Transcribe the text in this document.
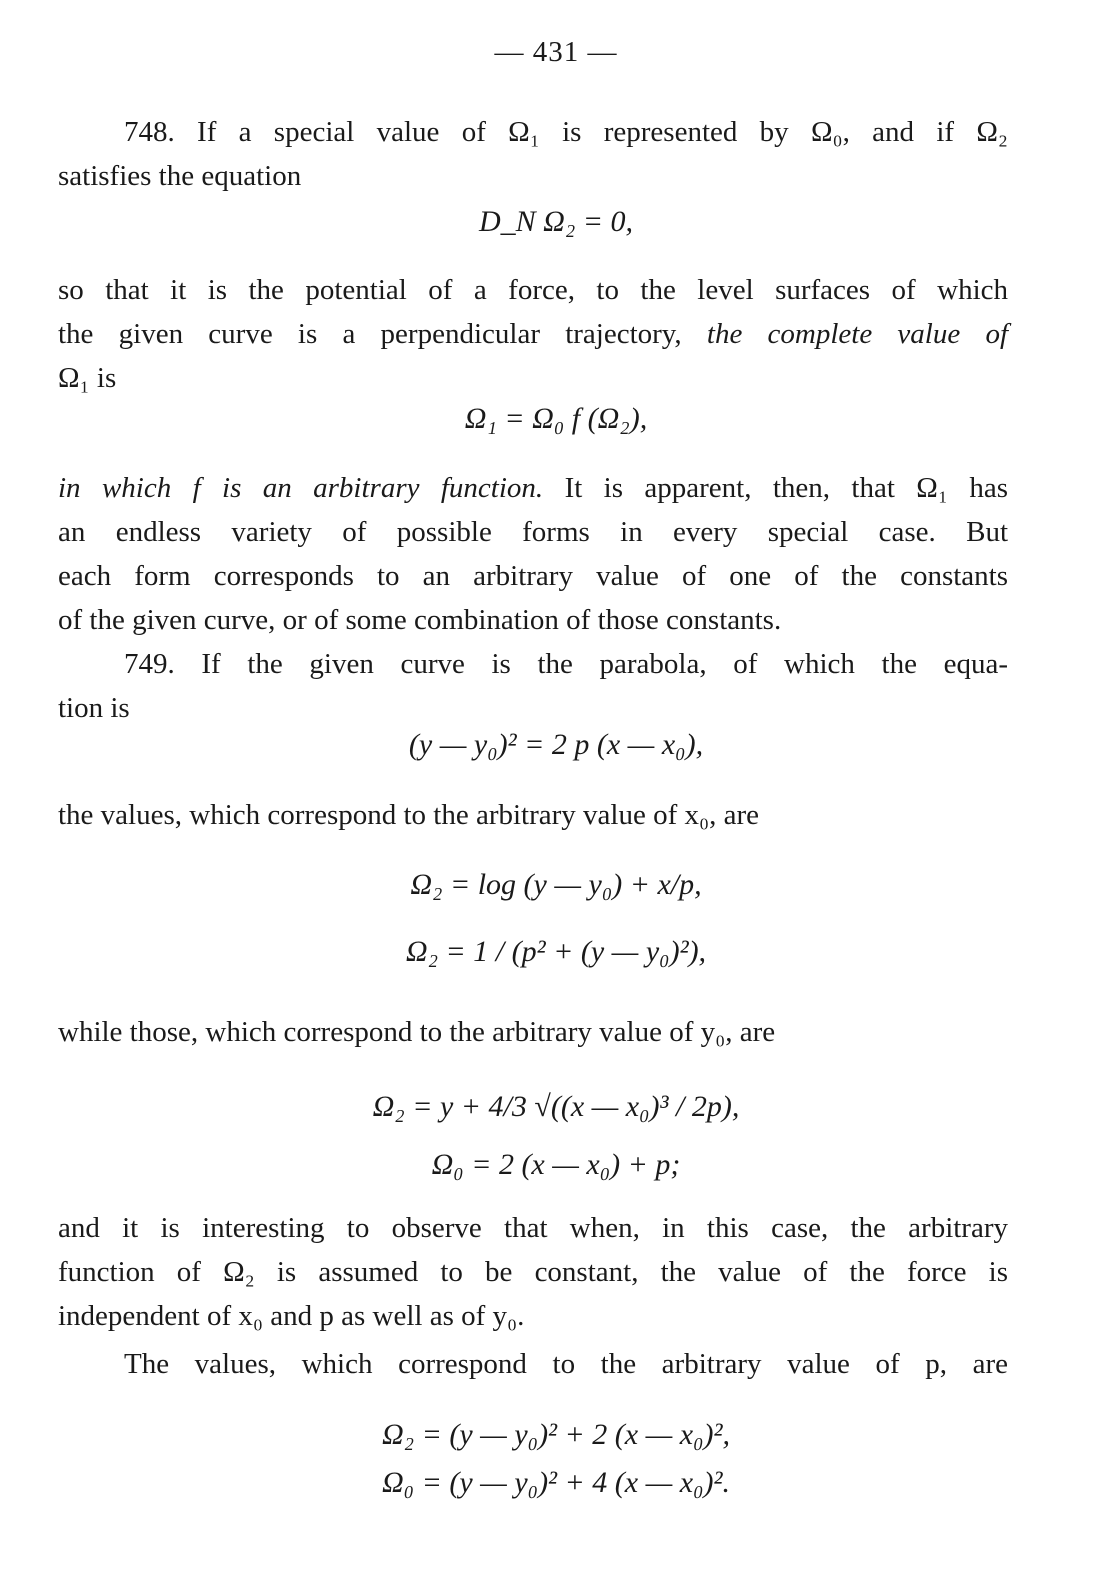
— 431 —
748. If a special value of Ω₁ is represented by Ω₀, and if Ω₂
satisfies the equation
D_N Ω₂ = 0,
so that it is the potential of a force, to the level surfaces of which
the given curve is a perpendicular trajectory, the complete value of
Ω₁ is
Ω₁ = Ω₀ f (Ω₂),
in which f is an arbitrary function. It is apparent, then, that Ω₁ has
an endless variety of possible forms in every special case. But
each form corresponds to an arbitrary value of one of the constants
of the given curve, or of some combination of those constants.
749. If the given curve is the parabola, of which the equa-
tion is
(y — y₀)² = 2 p (x — x₀),
the values, which correspond to the arbitrary value of x₀, are
Ω₂ = log (y — y₀) + x/p,
Ω₂ = 1 / (p² + (y — y₀)²),
while those, which correspond to the arbitrary value of y₀, are
Ω₂ = y + 4/3 √((x — x₀)³ / 2p),
Ω₀ = 2 (x — x₀) + p;
and it is interesting to observe that when, in this case, the arbitrary
function of Ω₂ is assumed to be constant, the value of the force is
independent of x₀ and p as well as of y₀.
The values, which correspond to the arbitrary value of p, are
Ω₂ = (y — y₀)² + 2 (x — x₀)²,
Ω₀ = (y — y₀)² + 4 (x — x₀)².
